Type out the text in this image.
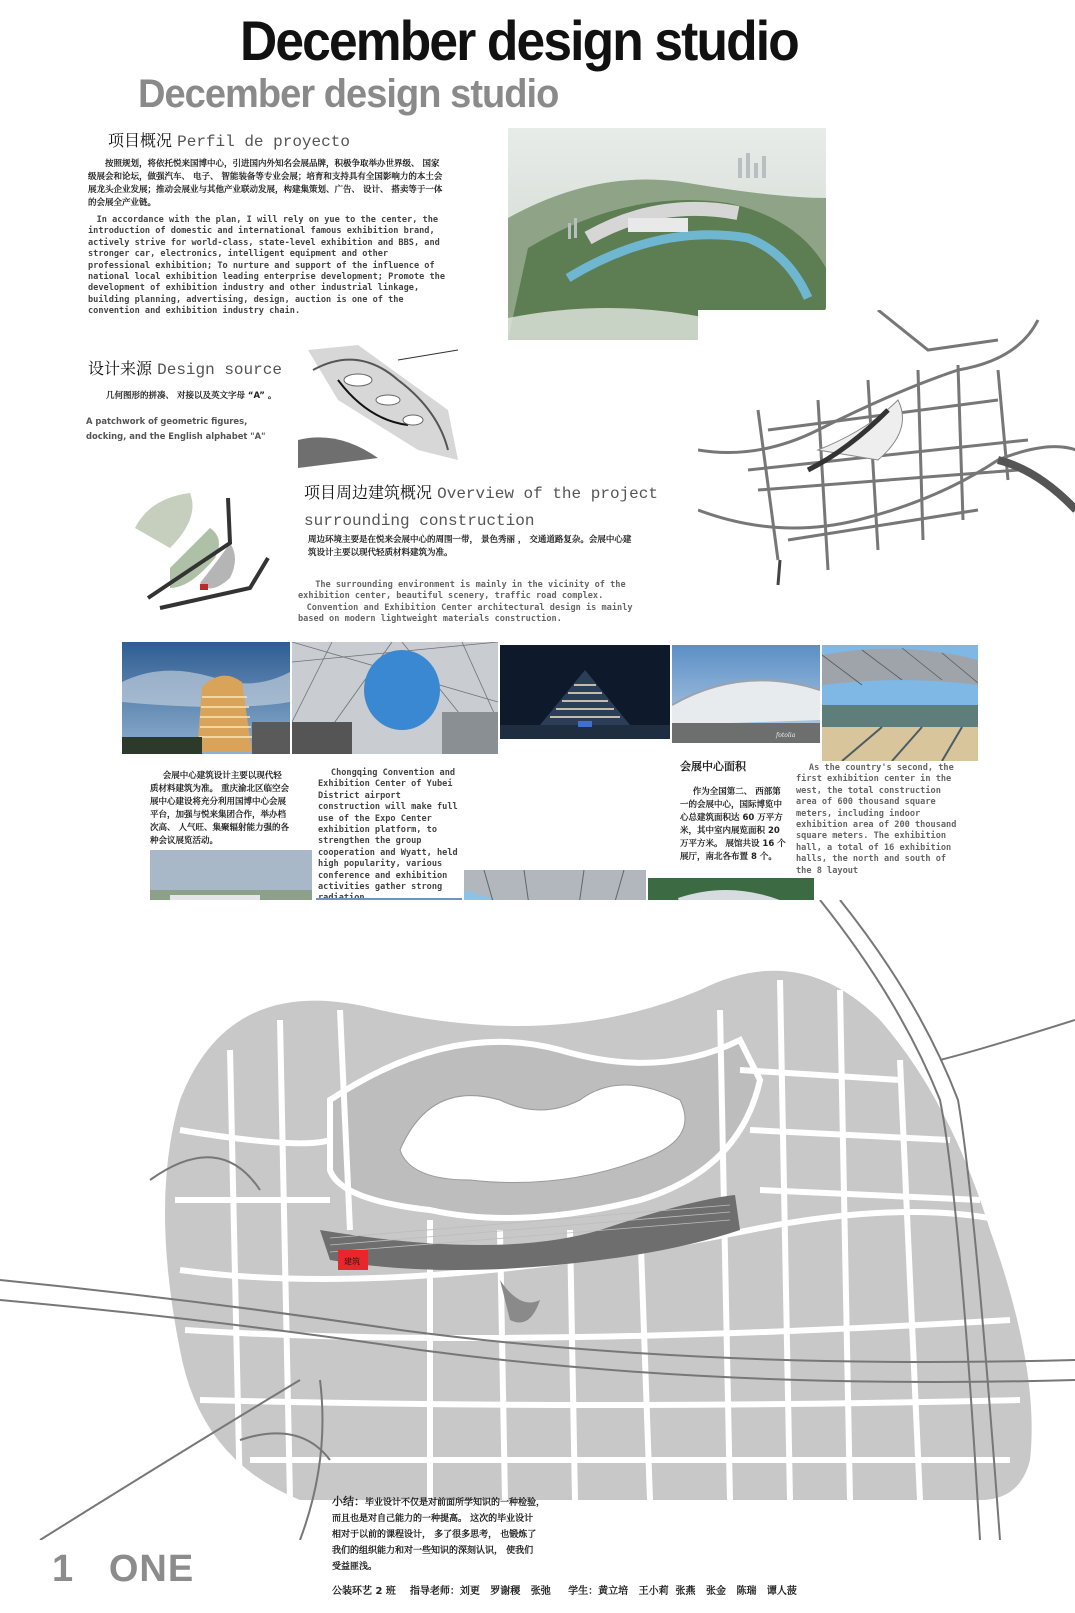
December design studio
December design studio
项目概况 Perfil de proyecto
按照规划，将依托悦来国博中心，引进国内外知名会展品牌，积极争取举办世界级、 国家级展会和论坛，做强汽车、 电子、 智能装备等专业会展；培育和支持具有全国影响力的本土会展龙头企业发展；推动会展业与其他产业联动发展，构建集策划、广告、 设计、 搭卖等于一体的会展全产业链。
In accordance with the plan, I will rely on yue to the center, the introduction of domestic and international famous exhibition brand, actively strive for world-class, state-level exhibition and BBS, and stronger car, electronics, intelligent equipment and other professional exhibition; To nurture and support of the influence of national local exhibition leading enterprise development; Promote the development of exhibition industry and other industrial linkage, building planning, advertising, design, auction is one of the convention and exhibition industry chain.
设计来源 Design source
几何图形的拼凑、 对接以及英文字母 “A” 。
A patchwork of geometric figures, docking, and the English alphabet "A"
项目周边建筑概况 Overview of the project
surrounding construction
周边环境主要是在悦来会展中心的周围一带， 景色秀丽 ， 交通道路复杂。会展中心建筑设计主要以现代轻质材料建筑为准。
The surrounding environment is mainly in the vicinity of the exhibition center, beautiful scenery, traffic road complex.
Convention and Exhibition Center architectural design is mainly based on modern lightweight materials construction.
fotolia
会展中心建筑设计主要以现代轻质材料建筑为准。 重庆渝北区临空会展中心建设将充分利用国博中心会展平台，加强与悦来集团合作，举办档次高、 人气旺、集聚辐射能力强的各种会议展览活动。
Chongqing Convention and Exhibition Center of Yubei District airport construction will make full use of the Expo Center exhibition platform, to strengthen the group cooperation and Wyatt, held high popularity, various conference and exhibition activities gather strong
会展中心面积
作为全国第二、 西部第一的会展中心，国际博览中心总建筑面积达 60 万平方米，其中室内展览面积 20 万平方米。 展馆共设 16 个展厅，南北各布置 8 个。
As the country's second, the first exhibition center in the west, the total construction area of 600 thousand square meters, including indoor exhibition area of 200 thousand square meters. The exhibition hall, a total of 16 exhibition halls, the north and south of the 8 layout
建筑
小结：毕业设计不仅是对前面所学知识的一种检验，
而且也是对自己能力的一种提高。 这次的毕业设计
相对于以前的课程设计， 多了很多思考， 也锻炼了
我们的组织能力和对一些知识的深刻认识， 使我们
受益匪浅。
1 ONE
公装环艺 2 班    指导老师：刘更   罗谢稷   张弛     学生：黄立培   王小莉  张燕   张金   陈瑞   谭人菠
